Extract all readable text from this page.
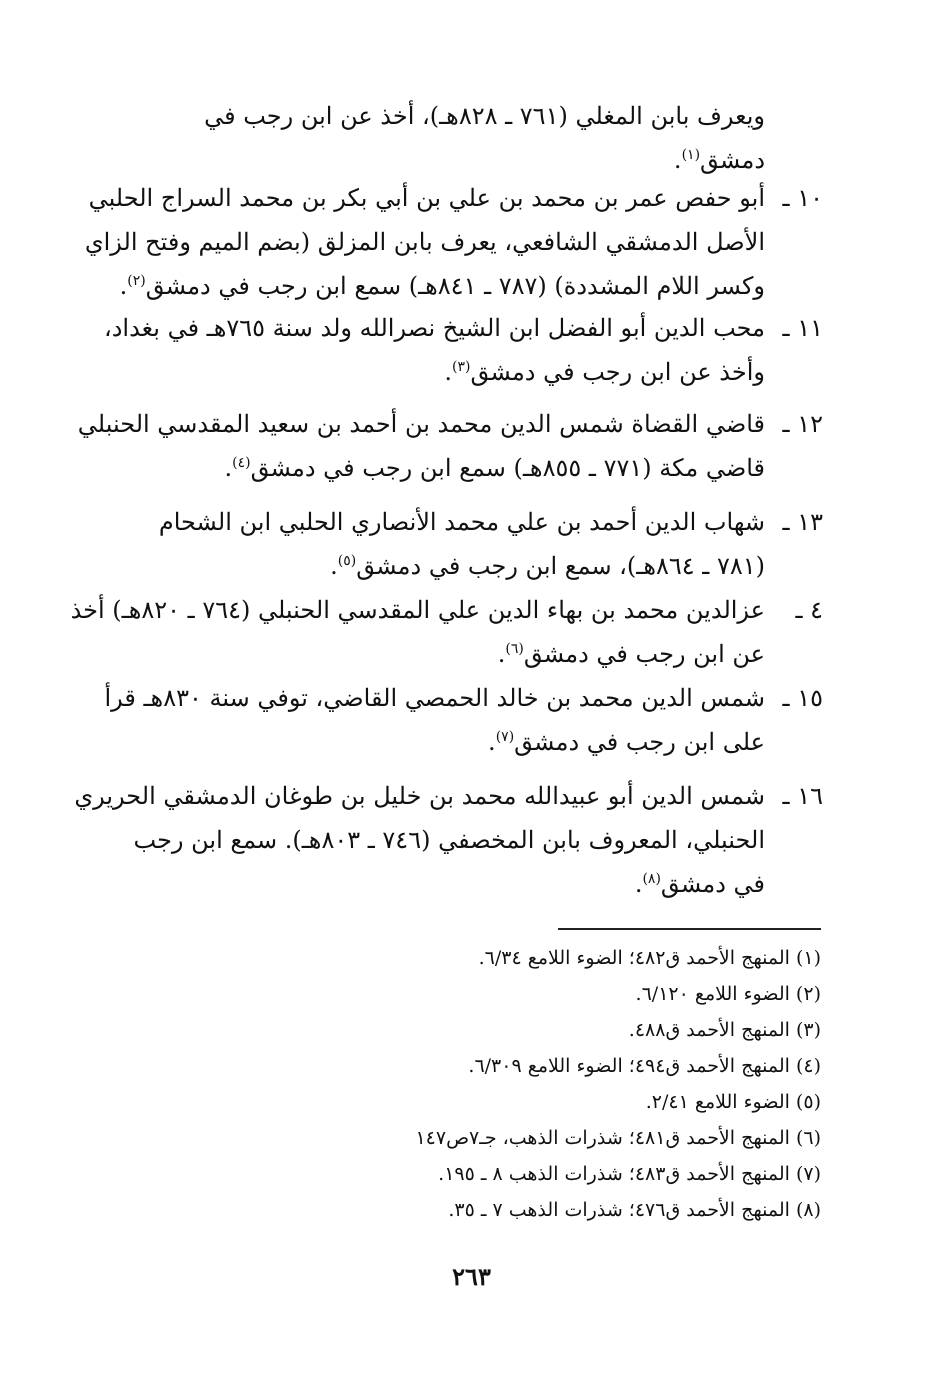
ويعرف بابن المغلي (٧٦١ ـ ٨٢٨هـ)، أخذ عن ابن رجب في
دمشق$^{(١)}$.
١٠ ـأبو حفص عمر بن محمد بن علي بن أبي بكر بن محمد السراج الحلبي
الأصل الدمشقي الشافعي، يعرف بابن المزلق (بضم الميم وفتح الزاي
وكسر اللام المشددة) (٧٨٧ ـ ٨٤١هـ) سمع ابن رجب في دمشق$^{(٢)}$.
١١ ـمحب الدين أبو الفضل ابن الشيخ نصرالله ولد سنة ٧٦٥هـ في بغداد،
وأخذ عن ابن رجب في دمشق$^{(٣)}$.
١٢ ـقاضي القضاة شمس الدين محمد بن أحمد بن سعيد المقدسي الحنبلي
قاضي مكة (٧٧١ ـ ٨٥٥هـ) سمع ابن رجب في دمشق$^{(٤)}$.
١٣ ـشهاب الدين أحمد بن علي محمد الأنصاري الحلبي ابن الشحام
(٧٨١ ـ ٨٦٤هـ)، سمع ابن رجب في دمشق$^{(٥)}$.
٤ ـعزالدين محمد بن بهاء الدين علي المقدسي الحنبلي (٧٦٤ ـ ٨٢٠هـ) أخذ
عن ابن رجب في دمشق$^{(٦)}$.
١٥ ـشمس الدين محمد بن خالد الحمصي القاضي، توفي سنة ٨٣٠هـ قرأ
على ابن رجب في دمشق$^{(٧)}$.
١٦ ـشمس الدين أبو عبيدالله محمد بن خليل بن طوغان الدمشقي الحريري
الحنبلي، المعروف بابن المخصفي (٧٤٦ ـ ٨٠٣هـ). سمع ابن رجب
في دمشق$^{(٨)}$.
(١) المنهج الأحمد ق٤٨٢؛ الضوء اللامع ٦/٣٤.
(٢) الضوء اللامع ٦/١٢٠.
(٣) المنهج الأحمد ق٤٨٨.
(٤) المنهج الأحمد ق٤٩٤؛ الضوء اللامع ٦/٣٠٩.
(٥) الضوء اللامع ٢/٤١.
(٦) المنهج الأحمد ق٤٨١؛ شذرات الذهب، جـ٧ص١٤٧
(٧) المنهج الأحمد ق٤٨٣؛ شذرات الذهب ٨ ـ ١٩٥.
(٨) المنهج الأحمد ق٤٧٦؛ شذرات الذهب ٧ ـ ٣٥.
٢٦٣
